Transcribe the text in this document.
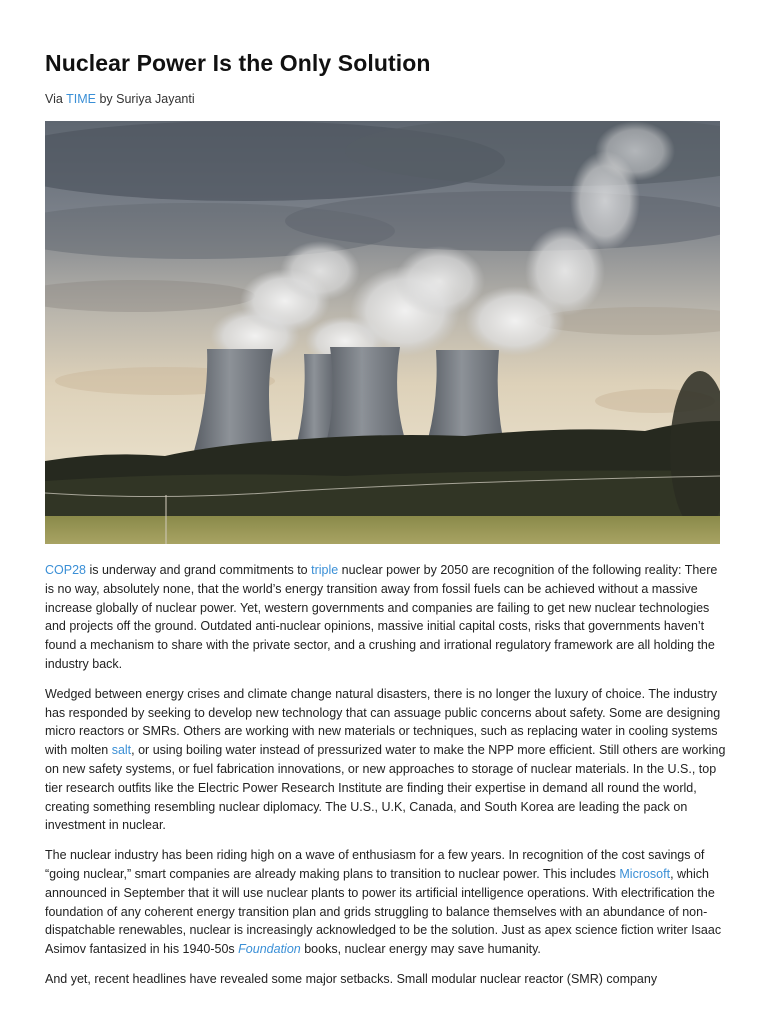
Nuclear Power Is the Only Solution
Via TIME by Suriya Jayanti

COP28 is underway and grand commitments to triple nuclear power by 2050 are recognition of the following reality: There is no way, absolutely none, that the world’s energy transition away from fossil fuels can be achieved without a massive increase globally of nuclear power. Yet, western governments and companies are failing to get new nuclear technologies and projects off the ground. Outdated anti-nuclear opinions, massive initial capital costs, risks that governments haven’t found a mechanism to share with the private sector, and a crushing and irrational regulatory framework are all holding the industry back.

Wedged between energy crises and climate change natural disasters, there is no longer the luxury of choice. The industry has responded by seeking to develop new technology that can assuage public concerns about safety. Some are designing micro reactors or SMRs. Others are working with new materials or techniques, such as replacing water in cooling systems with molten salt, or using boiling water instead of pressurized water to make the NPP more efficient. Still others are working on new safety systems, or fuel fabrication innovations, or new approaches to storage of nuclear materials. In the U.S., top tier research outfits like the Electric Power Research Institute are finding their expertise in demand all round the world, creating something resembling nuclear diplomacy. The U.S., U.K, Canada, and South Korea are leading the pack on investment in nuclear.

The nuclear industry has been riding high on a wave of enthusiasm for a few years. In recognition of the cost savings of “going nuclear,” smart companies are already making plans to transition to nuclear power. This includes Microsoft, which announced in September that it will use nuclear plants to power its artificial intelligence operations. With electrification the foundation of any coherent energy transition plan and grids struggling to balance themselves with an abundance of non-dispatchable renewables, nuclear is increasingly acknowledged to be the solution. Just as apex science fiction writer Isaac Asimov fantasized in his 1940-50s Foundation books, nuclear energy may save humanity.

And yet, recent headlines have revealed some major setbacks. Small modular nuclear reactor (SMR) company
